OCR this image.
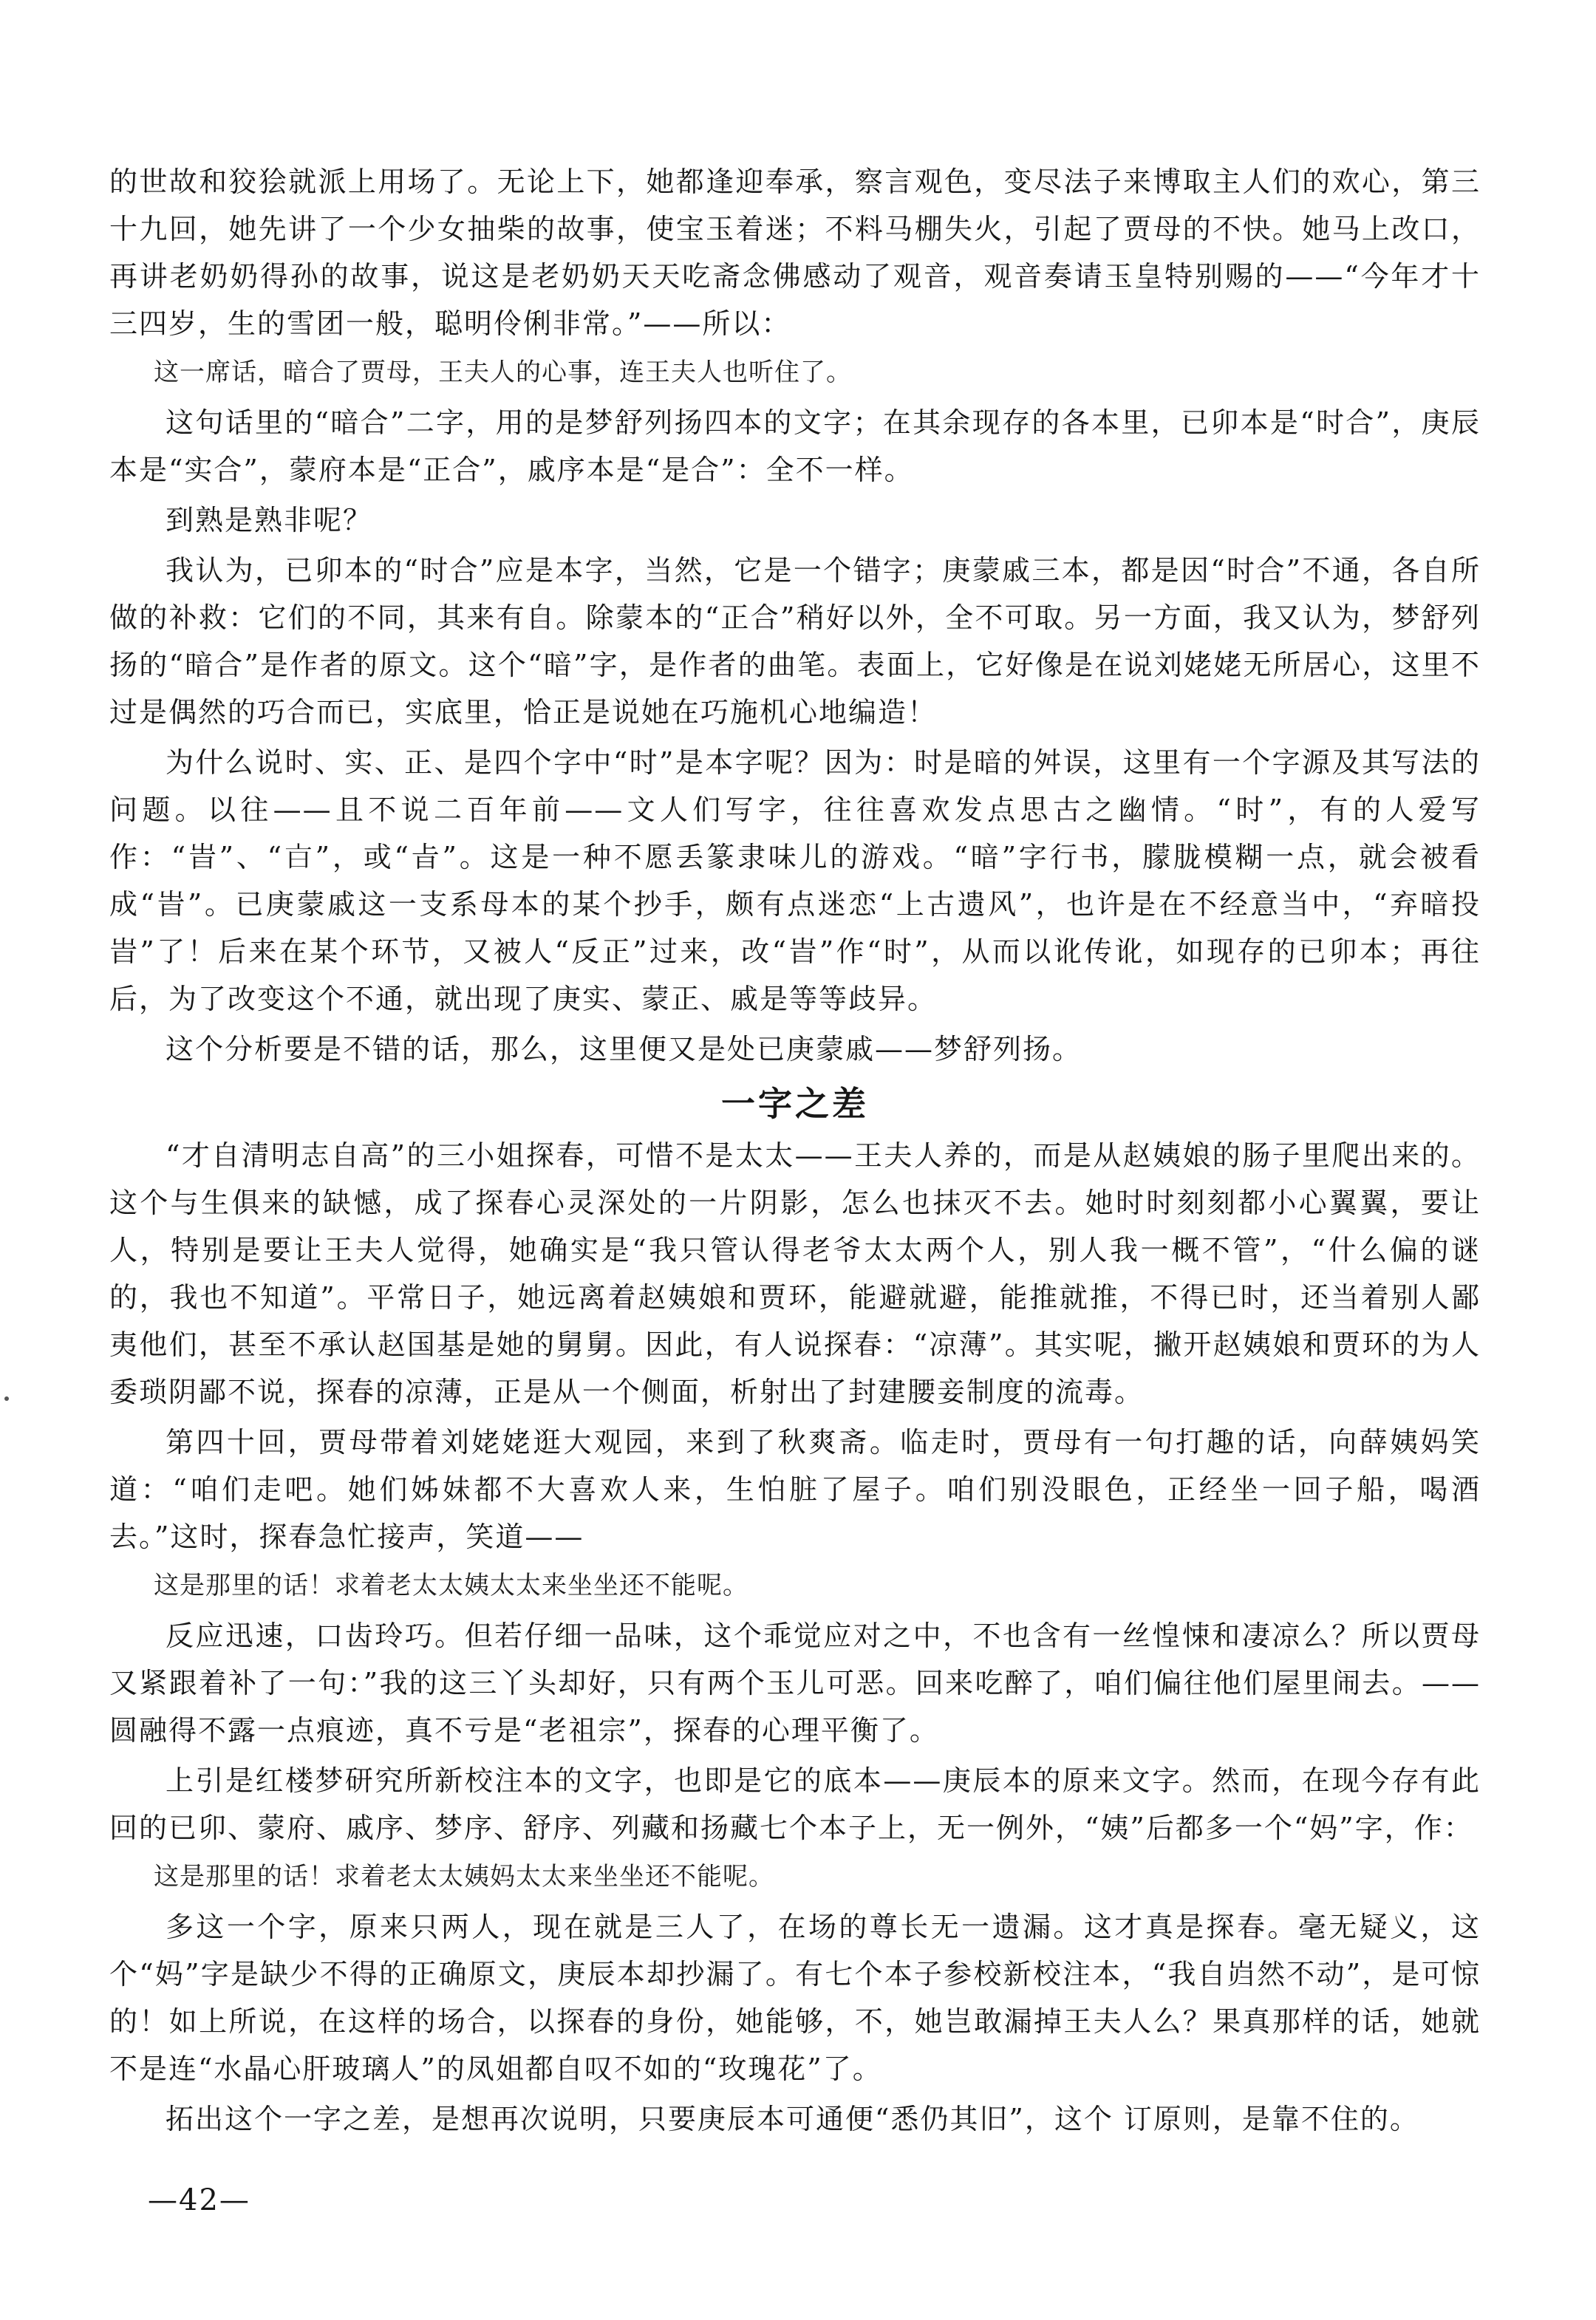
的世故和狡狯就派上用场了。无论上下，她都逢迎奉承，察言观色，变尽法子来博取主人们的欢心，第三十九回，她先讲了一个少女抽柴的故事，使宝玉着迷；不料马棚失火，引起了贾母的不快。她马上改口，再讲老奶奶得孙的故事，说这是老奶奶天天吃斋念佛感动了观音，观音奏请玉皇特别赐的——“今年才十三四岁，生的雪团一般，聪明伶俐非常。”——所以：

这一席话，暗合了贾母，王夫人的心事，连王夫人也听住了。

这句话里的“暗合”二字，用的是梦舒列扬四本的文字；在其余现存的各本里，已卯本是“时合”，庚辰本是“实合”，蒙府本是“正合”，戚序本是“是合”：全不一样。

到熟是熟非呢？

我认为，已卯本的“时合”应是本字，当然，它是一个错字；庚蒙戚三本，都是因“时合”不通，各自所做的补救：它们的不同，其来有自。除蒙本的“正合”稍好以外，全不可取。另一方面，我又认为，梦舒列扬的“暗合”是作者的原文。这个“暗”字，是作者的曲笔。表面上，它好像是在说刘姥姥无所居心，这里不过是偶然的巧合而已，实底里，恰正是说她在巧施机心地编造！

为什么说时、实、正、是四个字中“时”是本字呢？因为：时是暗的舛误，这里有一个字源及其写法的问题。以往——且不说二百年前——文人们写字，往往喜欢发点思古之幽情。“时”，有的人爱写作：“旹”、“𣅀”，或“㫖”。这是一种不愿丢篆隶味儿的游戏。“暗”字行书，朦胧模糊一点，就会被看成“旹”。已庚蒙戚这一支系母本的某个抄手，颇有点迷恋“上古遗风”，也许是在不经意当中，“弃暗投旹”了！后来在某个环节，又被人“反正”过来，改“旹”作“时”，从而以讹传讹，如现存的已卯本；再往后，为了改变这个不通，就出现了庚实、蒙正、戚是等等歧异。

这个分析要是不错的话，那么，这里便又是处已庚蒙戚——梦舒列扬。

一字之差

“才自清明志自高”的三小姐探春，可惜不是太太——王夫人养的，而是从赵姨娘的肠子里爬出来的。这个与生俱来的缺憾，成了探春心灵深处的一片阴影，怎么也抹灭不去。她时时刻刻都小心翼翼，要让人，特别是要让王夫人觉得，她确实是“我只管认得老爷太太两个人，别人我一概不管”，“什么偏的谜的，我也不知道”。平常日子，她远离着赵姨娘和贾环，能避就避，能推就推，不得已时，还当着别人鄙夷他们，甚至不承认赵国基是她的舅舅。因此，有人说探春：“凉薄”。其实呢，撇开赵姨娘和贾环的为人委琐阴鄙不说，探春的凉薄，正是从一个侧面，析射出了封建腰妾制度的流毒。

第四十回，贾母带着刘姥姥逛大观园，来到了秋爽斋。临走时，贾母有一句打趣的话，向薛姨妈笑道：“咱们走吧。她们姊妹都不大喜欢人来，生怕脏了屋子。咱们别没眼色，正经坐一回子船，喝酒去。”这时，探春急忙接声，笑道——

这是那里的话！求着老太太姨太太来坐坐还不能呢。

反应迅速，口齿玲巧。但若仔细一品味，这个乖觉应对之中，不也含有一丝惶悚和凄凉么？所以贾母又紧跟着补了一句：”我的这三丫头却好，只有两个玉儿可恶。回来吃醉了，咱们偏往他们屋里闹去。——圆融得不露一点痕迹，真不亏是“老祖宗”，探春的心理平衡了。

上引是红楼梦研究所新校注本的文字，也即是它的底本——庚辰本的原来文字。然而，在现今存有此回的已卯、蒙府、戚序、梦序、舒序、列藏和扬藏七个本子上，无一例外，“姨”后都多一个“妈”字，作：

这是那里的话！求着老太太姨妈太太来坐坐还不能呢。

多这一个字，原来只两人，现在就是三人了，在场的尊长无一遗漏。这才真是探春。毫无疑义，这个“妈”字是缺少不得的正确原文，庚辰本却抄漏了。有七个本子参校新校注本，“我自岿然不动”，是可惊的！如上所说，在这样的场合，以探春的身份，她能够，不，她岂敢漏掉王夫人么？果真那样的话，她就不是连“水晶心肝玻璃人”的凤姐都自叹不如的“玫瑰花”了。

拓出这个一字之差，是想再次说明，只要庚辰本可通便“悉仍其旧”，这个 订原则，是靠不住的。

—42—
